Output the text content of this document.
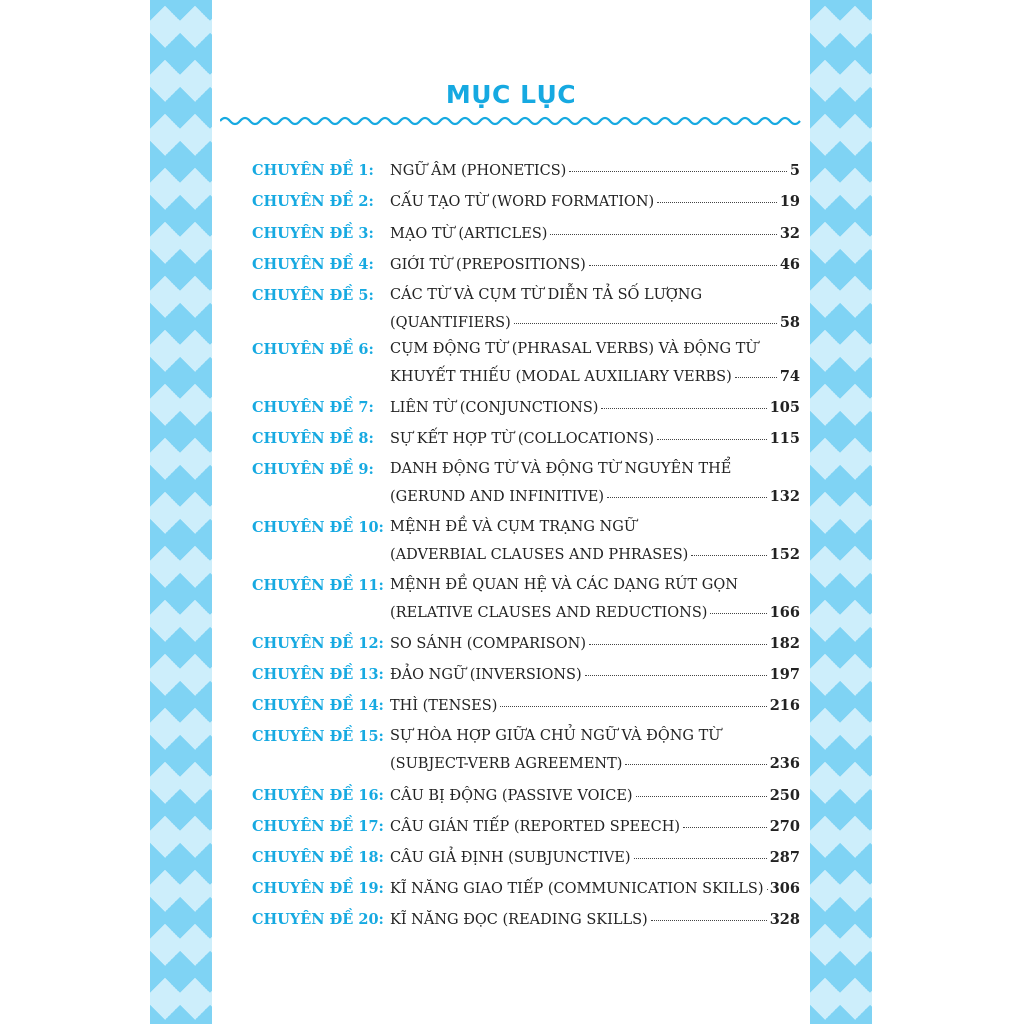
MỤC LỤC
CHUYÊN ĐỀ 1: NGỮ ÂM (PHONETICS)	5
CHUYÊN ĐỀ 2: CẤU TẠO TỪ (WORD FORMATION)	19
CHUYÊN ĐỀ 3: MẠO TỪ (ARTICLES)	32
CHUYÊN ĐỀ 4: GIỚI TỪ (PREPOSITIONS)	46
CHUYÊN ĐỀ 5: CÁC TỪ VÀ CỤM TỪ DIỄN TẢ SỐ LƯỢNG
(QUANTIFIERS)	58
CHUYÊN ĐỀ 6: CỤM ĐỘNG TỪ (PHRASAL VERBS) VÀ ĐỘNG TỪ
KHUYẾT THIẾU (MODAL AUXILIARY VERBS)	74
CHUYÊN ĐỀ 7: LIÊN TỪ (CONJUNCTIONS)	105
CHUYÊN ĐỀ 8: SỰ KẾT HỢP TỪ (COLLOCATIONS)	115
CHUYÊN ĐỀ 9: DANH ĐỘNG TỪ VÀ ĐỘNG TỪ NGUYÊN THỂ
(GERUND AND INFINITIVE)	132
CHUYÊN ĐỀ 10: MỆNH ĐỀ VÀ CỤM TRẠNG NGỮ
(ADVERBIAL CLAUSES AND PHRASES)	152
CHUYÊN ĐỀ 11: MỆNH ĐỀ QUAN HỆ VÀ CÁC DẠNG RÚT GỌN
(RELATIVE CLAUSES AND REDUCTIONS)	166
CHUYÊN ĐỀ 12: SO SÁNH (COMPARISON)	182
CHUYÊN ĐỀ 13: ĐẢO NGỮ (INVERSIONS)	197
CHUYÊN ĐỀ 14: THÌ (TENSES)	216
CHUYÊN ĐỀ 15: SỰ HÒA HỢP GIỮA CHỦ NGỮ VÀ ĐỘNG TỪ
(SUBJECT-VERB AGREEMENT)	236
CHUYÊN ĐỀ 16: CÂU BỊ ĐỘNG (PASSIVE VOICE)	250
CHUYÊN ĐỀ 17: CÂU GIÁN TIẾP (REPORTED SPEECH)	270
CHUYÊN ĐỀ 18: CÂU GIẢ ĐỊNH (SUBJUNCTIVE)	287
CHUYÊN ĐỀ 19: KĨ NĂNG GIAO TIẾP (COMMUNICATION SKILLS) 306
CHUYÊN ĐỀ 20: KĨ NĂNG ĐỌC (READING SKILLS)	328
